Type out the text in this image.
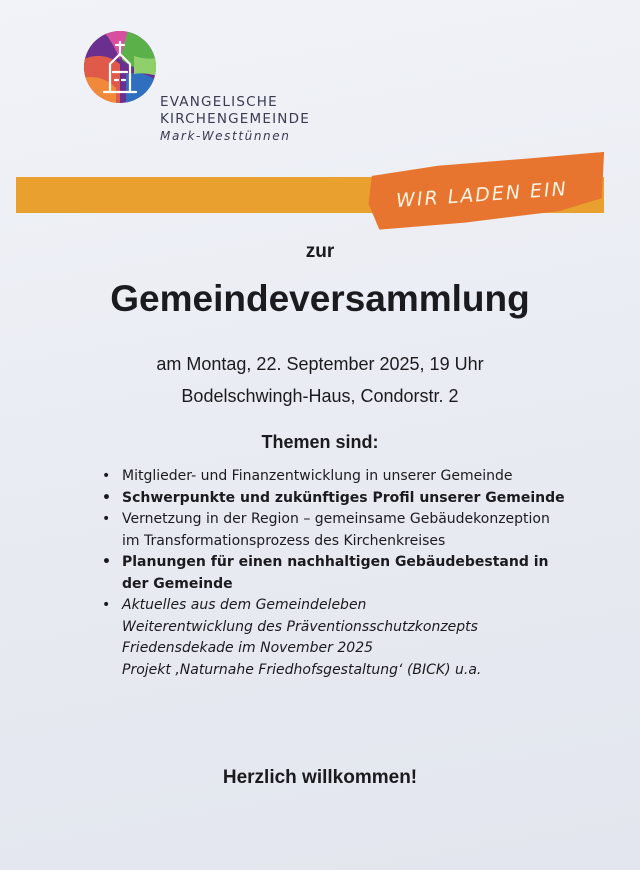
EVANGELISCHE
KIRCHENGEMEINDE
Mark-Westtünnen
WIR LADEN EIN
zur
Gemeindeversammlung
am Montag, 22. September 2025, 19 Uhr
Bodelschwingh-Haus, Condorstr. 2
Themen sind:
• Mitglieder- und Finanzentwicklung in unserer Gemeinde
• Schwerpunkte und zukünftiges Profil unserer Gemeinde
• Vernetzung in der Region – gemeinsame Gebäudekonzeption im Transformationsprozess des Kirchenkreises
• Planungen für einen nachhaltigen Gebäudebestand in der Gemeinde
• Aktuelles aus dem Gemeindeleben
Weiterentwicklung des Präventionsschutzkonzepts
Friedensdekade im November 2025
Projekt ‚Naturnahe Friedhofsgestaltung‘ (BICK) u.a.
Herzlich willkommen!
